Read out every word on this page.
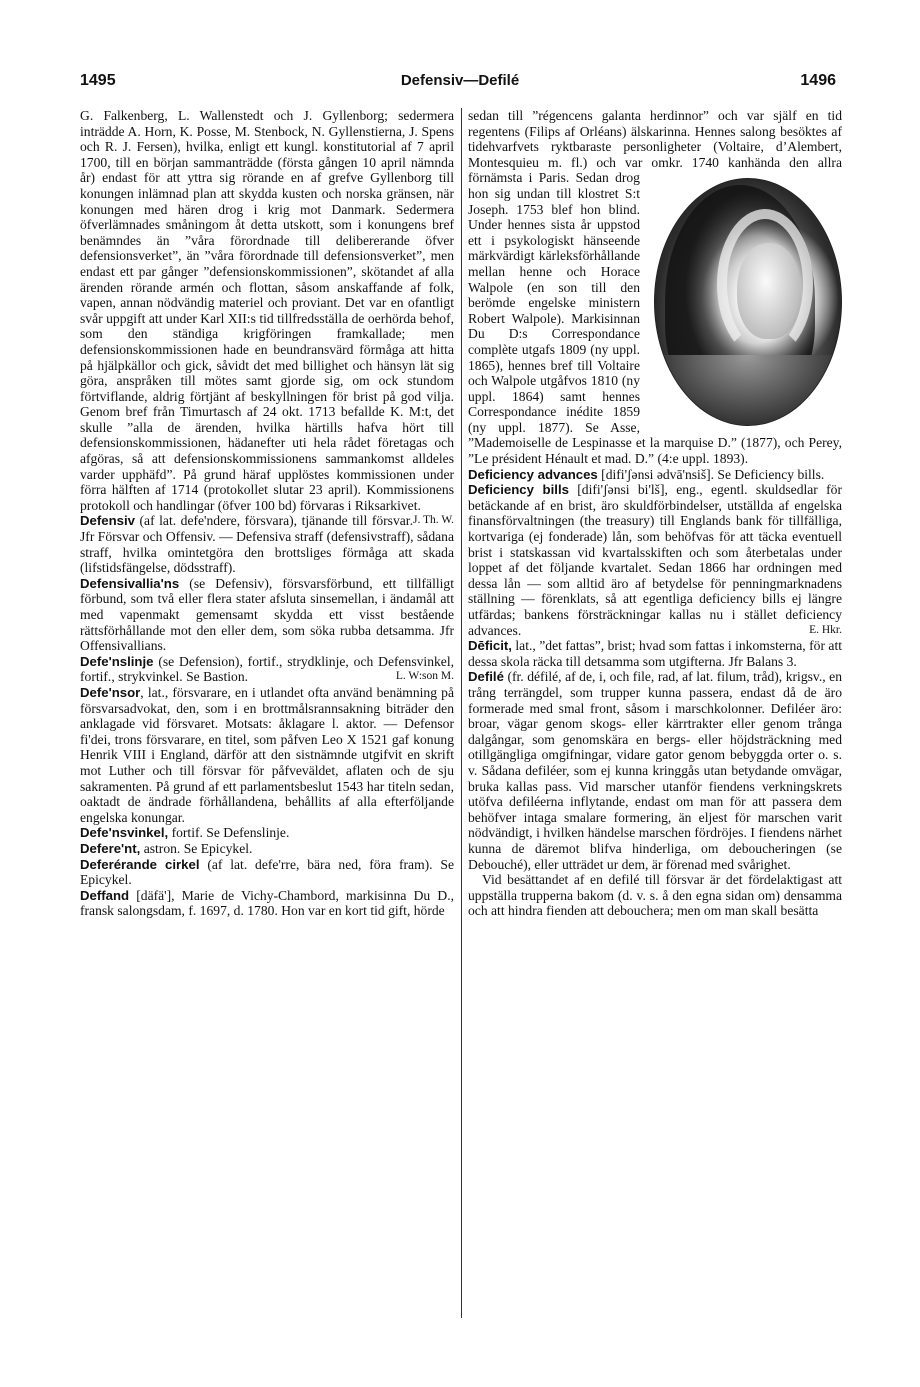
1495	Defensiv—Deﬁlé	1496

G. Falkenberg, L. Wallenstedt och J. Gyllenborg; sedermera inträdde A. Horn, K. Posse, M. Stenbock, N. Gyllenstierna, J. Spens och R. J. Fersen), hvilka, enligt ett kungl. konstitutorial af 7 april 1700, till en början sammanträdde (första gången 10 april nämnda år) endast för att yttra sig rörande en af grefve Gyllenborg till konungen inlämnad plan att skydda kusten och norska gränsen, när konungen med hären drog i krig mot Danmark. Sedermera öfverlämnades småningom åt detta utskott, som i konungens bref benämndes än ”våra förordnade till delibererande öfver defensionsverket”, än ”våra förordnade till defensionsverket”, men endast ett par gånger ”defensionskommissionen”, skötandet af alla ärenden rörande armén och flottan, såsom anskaffande af folk, vapen, annan nödvändig materiel och proviant. Det var en ofantligt svår uppgift att under Karl XII:s tid tillfredsställa de oerhörda behof, som den ständiga krigföringen framkallade; men defensionskommissionen hade en beundransvärd förmåga att hitta på hjälpkällor och gick, såvidt det med billighet och hänsyn lät sig göra, anspråken till mötes samt gjorde sig, om ock stundom förtviflande, aldrig förtjänt af beskyllningen för brist på god vilja. Genom bref från Timurtasch af 24 okt. 1713 befallde K. M:t, det skulle ”alla de ärenden, hvilka härtills hafva hört till defensionskommissionen, hädanefter uti hela rådet företagas och afgöras, så att defensionskommissionens sammankomst alldeles varder upphäfd”. På grund häraf upplöstes kommissionen under förra hälften af 1714 (protokollet slutar 23 april). Kommissionens protokoll och handlingar (öfver 100 bd) förvaras i Riksarkivet.
J. Th. W.

Defensiv (af lat. defe'ndere, försvara), tjänande till försvar. Jfr Försvar och Offensiv. — Defensiva straff (defensivstraff), sådana straff, hvilka omintetgöra den brottsliges förmåga att skada (lifstidsfängelse, dödsstraff).

Defensivallia'ns (se Defensiv), försvarsförbund, ett tillfälligt förbund, som två eller flera stater afsluta sinsemellan, i ändamål att med vapenmakt gemensamt skydda ett visst bestående rättsförhållande mot den eller dem, som söka rubba detsamma. Jfr Offensivallians.

Defe'nslinje (se Defension), fortif., strydklinje, och Defensvinkel, fortif., strykvinkel. Se Bastion.	L. W:son M.

Defe'nsor, lat., försvarare, en i utlandet ofta använd benämning på försvarsadvokat, den, som i en brottmålsrannsakning biträder den anklagade vid försvaret. Motsats: åklagare l. aktor. — Defensor fi'dei, trons försvarare, en titel, som påfven Leo X 1521 gaf konung Henrik VIII i England, därför att den sistnämnde utgifvit en skrift mot Luther och till försvar för påfveväldet, aflaten och de sju sakramenten. På grund af ett parlamentsbeslut 1543 har titeln sedan, oaktadt de ändrade förhållandena, behållits af alla efterföljande engelska konungar.

Defe'nsvinkel, fortif. Se Defenslinje.

Defere'nt, astron. Se Epicykel.

Deferérande cirkel (af lat. defe'rre, bära ned, föra fram). Se Epicykel.

Deffand [däfä'], Marie de Vichy-Chambord, markisinna Du D., fransk salongsdam, f. 1697, d. 1780. Hon var en kort tid gift, hörde

sedan till ”régencens galanta herdinnor” och var själf en tid regentens (Filips af Orléans) älskarinna. Hennes salong besöktes af tidehvarfvets ryktbaraste personligheter (Voltaire, d’Alembert, Montesquieu m. fl.) och var omkr. 1740 kanhända den allra förnämsta i Paris.
Sedan drog hon sig undan till klostret S:t Joseph. 1753 blef hon blind. Under hennes sista år uppstod ett i psykologiskt hänseende märkvärdigt kärleksförhållande mellan henne och Horace Walpole (en son till den berömde engelske ministern Robert Walpole). Markisinnan Du D:s Correspondance complète utgafs 1809 (ny uppl. 1865), hennes bref till Voltaire och Walpole utgåfvos 1810 (ny uppl. 1864) samt hennes Correspondance inédite 1859 (ny uppl. 1877). Se Asse, ”Mademoiselle de Lespinasse et la marquise D.” (1877), och Perey, ”Le président Hénault et mad. D.” (4:e uppl. 1893).

Deficiency advances [difi'ʃənsi ədvā'nsiš]. Se Deficiency bills.

Deficiency bills [difi'ʃənsi bi'lš], eng., egentl. skuldsedlar för betäckande af en brist, äro skuldförbindelser, utställda af engelska finansförvaltningen (the treasury) till Englands bank för tillfälliga, kortvariga (ej fonderade) lån, som behöfvas för att täcka eventuell brist i statskassan vid kvartalsskiften och som återbetalas under loppet af det följande kvartalet. Sedan 1866 har ordningen med dessa lån — som alltid äro af betydelse för penningmarknadens ställning — förenklats, så att egentliga deficiency bills ej längre utfärdas; bankens försträckningar kallas nu i stället deficiency advances.	E. Hkr.

Dēficit, lat., ”det fattas”, brist; hvad som fattas i inkomsterna, för att dessa skola räcka till detsamma som utgifterna. Jfr Balans 3.

Deﬁlé (fr. défilé, af de, i, och file, rad, af lat. filum, tråd), krigsv., en trång terrängdel, som trupper kunna passera, endast då de äro formerade med smal front, såsom i marschkolonner. Defiléer äro: broar, vägar genom skogs- eller kärrtrakter eller genom trånga dalgångar, som genomskära en bergs- eller höjdsträckning med otillgängliga omgifningar, vidare gator genom bebyggda orter o. s. v. Sådana defiléer, som ej kunna kringgås utan betydande omvägar, bruka kallas pass. Vid marscher utanför fiendens verkningskrets utöfva defiléerna inflytande, endast om man för att passera dem behöfver intaga smalare formering, än eljest för marschen varit nödvändigt, i hvilken händelse marschen fördröjes. I fiendens närhet kunna de däremot blifva hinderliga, om deboucheringen (se Debouché), eller utträdet ur dem, är förenad med svårighet.

Vid besättandet af en defilé till försvar är det fördelaktigast att uppställa trupperna bakom (d. v. s. å den egna sidan om) densamma och att hindra fienden att debouchera; men om man skall besätta
